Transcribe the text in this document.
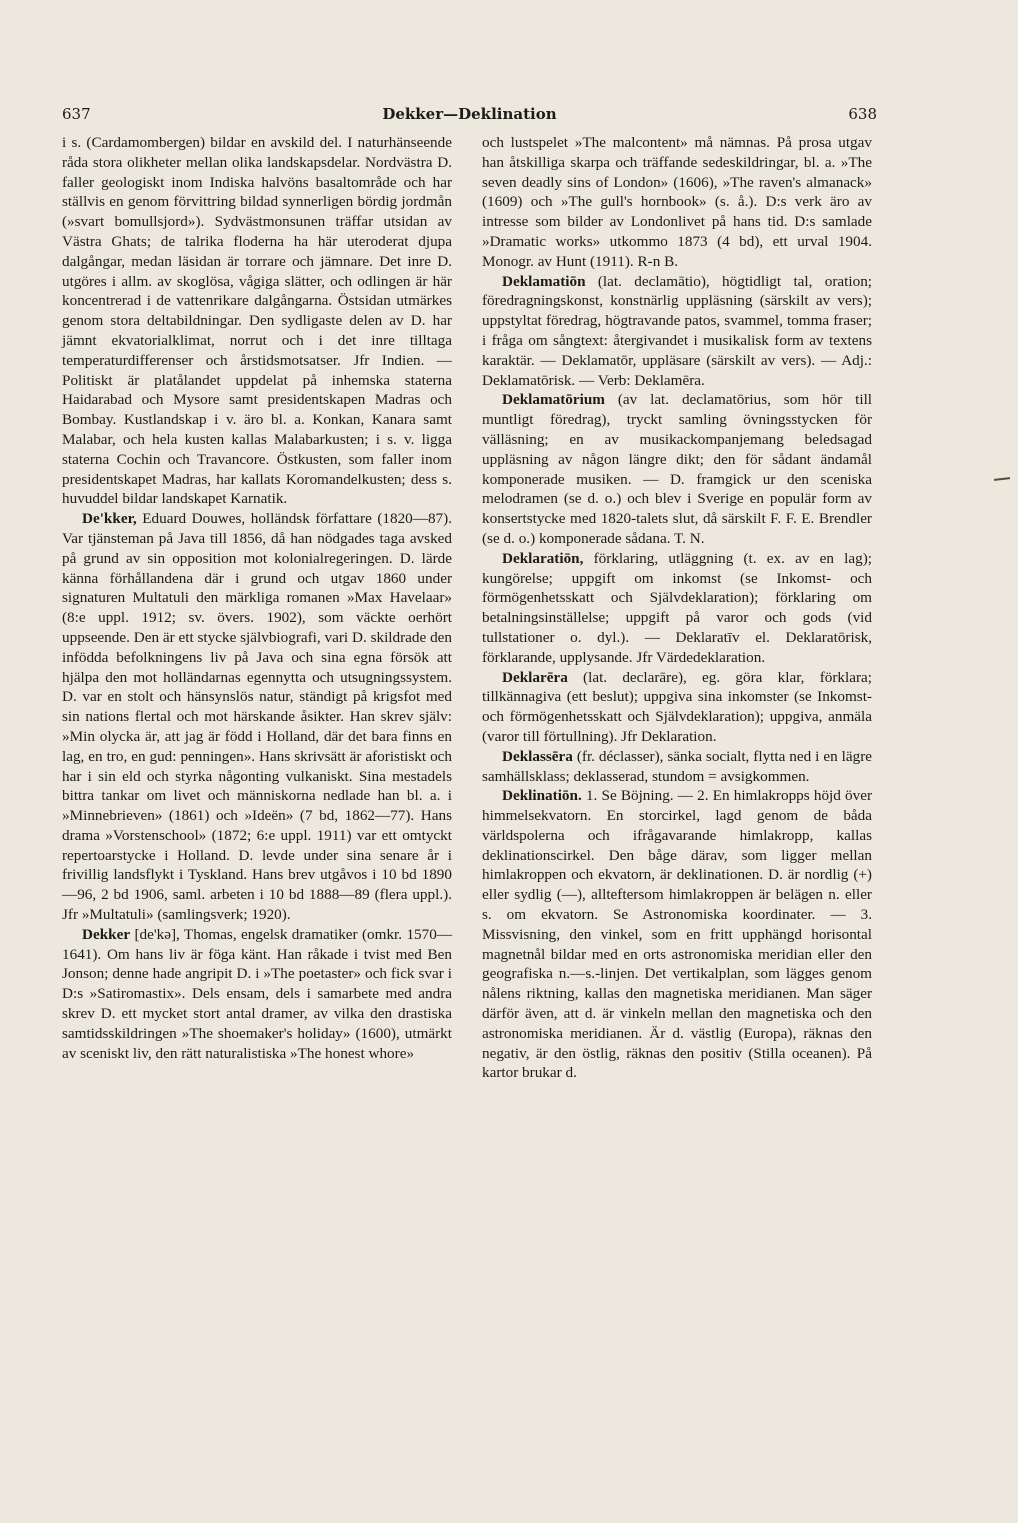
637	Dekker—Deklination	638

i s. (Cardamombergen) bildar en avskild del. I naturhänseende råda stora olikheter mellan olika landskapsdelar. Nordvästra D. faller geologiskt inom Indiska halvöns basaltområde och har ställvis en genom förvittring bildad synnerligen bördig jordmån (»svart bomullsjord»). Sydvästmonsunen träffar utsidan av Västra Ghats; de talrika floderna ha här uteroderat djupa dalgångar, medan läsidan är torrare och jämnare. Det inre D. utgöres i allm. av skoglösa, vågiga slätter, och odlingen är här koncentrerad i de vattenrikare dalgångarna. Östsidan utmärkes genom stora deltabildningar. Den sydligaste delen av D. har jämnt ekvatorialklimat, norrut och i det inre tilltaga temperaturdifferenser och årstidsmotsatser. Jfr Indien. — Politiskt är platålandet uppdelat på inhemska staterna Haidarabad och Mysore samt presidentskapen Madras och Bombay. Kustlandskap i v. äro bl. a. Konkan, Kanara samt Malabar, och hela kusten kallas Malabarkusten; i s. v. ligga staterna Cochin och Travancore. Östkusten, som faller inom presidentskapet Madras, har kallats Koromandelkusten; dess s. huvuddel bildar landskapet Karnatik.

De'kker, Eduard Douwes, holländsk författare (1820—87). Var tjänsteman på Java till 1856, då han nödgades taga avsked på grund av sin opposition mot kolonialregeringen. D. lärde känna förhållandena där i grund och utgav 1860 under signaturen Multatuli den märkliga romanen »Max Havelaar» (8:e uppl. 1912; sv. övers. 1902), som väckte oerhört uppseende. Den är ett stycke självbiografi, vari D. skildrade den infödda befolkningens liv på Java och sina egna försök att hjälpa den mot holländarnas egennytta och utsugningssystem. D. var en stolt och hänsynslös natur, ständigt på krigsfot med sin nations flertal och mot härskande åsikter. Han skrev själv: »Min olycka är, att jag är född i Holland, där det bara finns en lag, en tro, en gud: penningen». Hans skrivsätt är aforistiskt och har i sin eld och styrka någonting vulkaniskt. Sina mestadels bittra tankar om livet och människorna nedlade han bl. a. i »Minnebrieven» (1861) och »Ideën» (7 bd, 1862—77). Hans drama »Vorstenschool» (1872; 6:e uppl. 1911) var ett omtyckt repertoarstycke i Holland. D. levde under sina senare år i frivillig landsflykt i Tyskland. Hans brev utgåvos i 10 bd 1890—96, 2 bd 1906, saml. arbeten i 10 bd 1888—89 (flera uppl.). Jfr »Multatuli» (samlingsverk; 1920).

Dekker [de'kə], Thomas, engelsk dramatiker (omkr. 1570—1641). Om hans liv är föga känt. Han råkade i tvist med Ben Jonson; denne hade angripit D. i »The poetaster» och fick svar i D:s »Satiromastix». Dels ensam, dels i samarbete med andra skrev D. ett mycket stort antal dramer, av vilka den drastiska samtidsskildringen »The shoemaker's holiday» (1600), utmärkt av sceniskt liv, den rätt naturalistiska »The honest whore»

och lustspelet »The malcontent» må nämnas. På prosa utgav han åtskilliga skarpa och träffande sedeskildringar, bl. a. »The seven deadly sins of London» (1606), »The raven's almanack» (1609) och »The gull's hornbook» (s. å.). D:s verk äro av intresse som bilder av Londonlivet på hans tid. D:s samlade »Dramatic works» utkommo 1873 (4 bd), ett urval 1904. Monogr. av Hunt (1911). R-n B.

Deklamatiōn (lat. declamātio), högtidligt tal, oration; föredragningskonst, konstnärlig uppläsning (särskilt av vers); uppstyltat föredrag, högtravande patos, svammel, tomma fraser; i fråga om sångtext: återgivandet i musikalisk form av textens karaktär. — Deklamatōr, uppläsare (särskilt av vers). — Adj.: Deklamatōrisk. — Verb: Deklamēra.

Deklamatōrium (av lat. declamatōrius, som hör till muntligt föredrag), tryckt samling övningsstycken för välläsning; en av musikackompanjemang beledsagad uppläsning av någon längre dikt; den för sådant ändamål komponerade musiken. — D. framgick ur den sceniska melodramen (se d. o.) och blev i Sverige en populär form av konsertstycke med 1820-talets slut, då särskilt F. F. E. Brendler (se d. o.) komponerade sådana. T. N.

Deklaratiōn, förklaring, utläggning (t. ex. av en lag); kungörelse; uppgift om inkomst (se Inkomst- och förmögenhetsskatt och Självdeklaration); förklaring om betalningsinställelse; uppgift på varor och gods (vid tullstationer o. dyl.). — Deklaratīv el. Deklaratōrisk, förklarande, upplysande. Jfr Värdedeklaration.

Deklarēra (lat. declarāre), eg. göra klar, förklara; tillkännagiva (ett beslut); uppgiva sina inkomster (se Inkomst- och förmögenhetsskatt och Självdeklaration); uppgiva, anmäla (varor till förtullning). Jfr Deklaration.

Deklassēra (fr. déclasser), sänka socialt, flytta ned i en lägre samhällsklass; deklasserad, stundom = avsigkommen.

Deklinatiōn. 1. Se Böjning. — 2. En himlakropps höjd över himmelsekvatorn. En storcirkel, lagd genom de båda världspolerna och ifrågavarande himlakropp, kallas deklinationscirkel. Den båge därav, som ligger mellan himlakroppen och ekvatorn, är deklinationen. D. är nordlig (+) eller sydlig (—), allteftersom himlakroppen är belägen n. eller s. om ekvatorn. Se Astronomiska koordinater. — 3. Missvisning, den vinkel, som en fritt upphängd horisontal magnetnål bildar med en orts astronomiska meridian eller den geografiska n.—s.-linjen. Det vertikalplan, som lägges genom nålens riktning, kallas den magnetiska meridianen. Man säger därför även, att d. är vinkeln mellan den magnetiska och den astronomiska meridianen. Är d. västlig (Europa), räknas den negativ, är den östlig, räknas den positiv (Stilla oceanen). På kartor brukar d.
